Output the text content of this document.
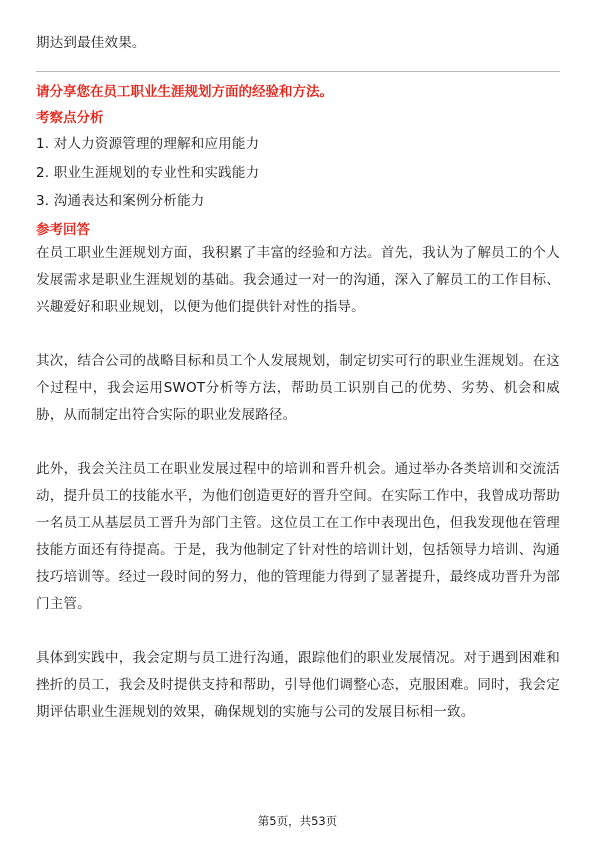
期达到最佳效果。

请分享您在员工职业生涯规划方面的经验和方法。

考察点分析

1. 对人力资源管理的理解和应用能力
2. 职业生涯规划的专业性和实践能力
3. 沟通表达和案例分析能力

参考回答

在员工职业生涯规划方面，我积累了丰富的经验和方法。首先，我认为了解员工的个人发展需求是职业生涯规划的基础。我会通过一对一的沟通，深入了解员工的工作目标、兴趣爱好和职业规划，以便为他们提供针对性的指导。

其次，结合公司的战略目标和员工个人发展规划，制定切实可行的职业生涯规划。在这个过程中，我会运用SWOT分析等方法，帮助员工识别自己的优势、劣势、机会和威胁，从而制定出符合实际的职业发展路径。

此外，我会关注员工在职业发展过程中的培训和晋升机会。通过举办各类培训和交流活动，提升员工的技能水平，为他们创造更好的晋升空间。在实际工作中，我曾成功帮助一名员工从基层员工晋升为部门主管。这位员工在工作中表现出色，但我发现他在管理技能方面还有待提高。于是，我为他制定了针对性的培训计划，包括领导力培训、沟通技巧培训等。经过一段时间的努力，他的管理能力得到了显著提升，最终成功晋升为部门主管。

具体到实践中，我会定期与员工进行沟通，跟踪他们的职业发展情况。对于遇到困难和挫折的员工，我会及时提供支持和帮助，引导他们调整心态，克服困难。同时，我会定期评估职业生涯规划的效果，确保规划的实施与公司的发展目标相一致。

第5页，共53页
